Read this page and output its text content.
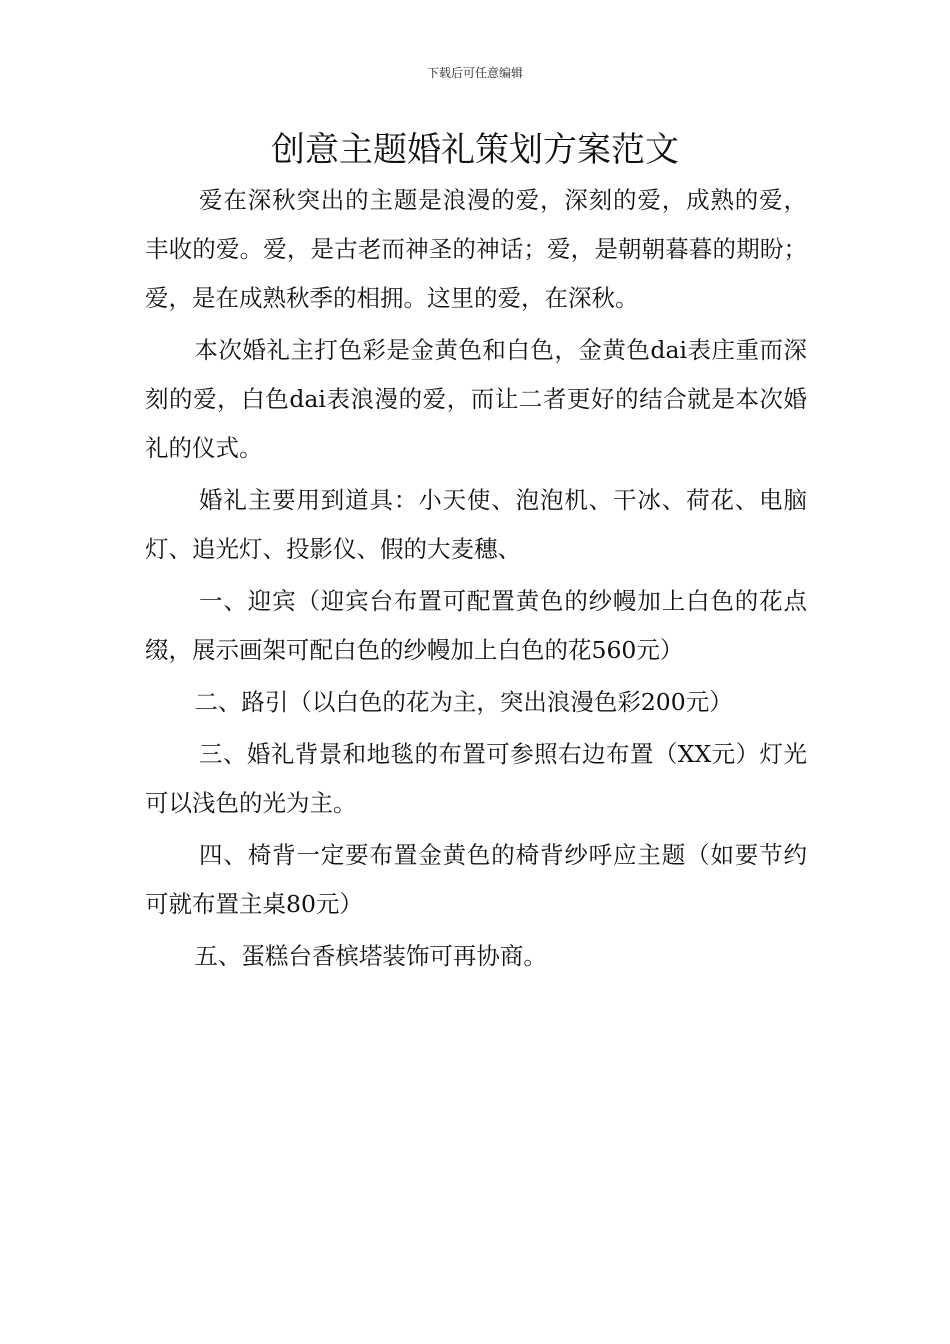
下载后可任意编辑
创意主题婚礼策划方案范文

爱在深秋突出的主题是浪漫的爱，深刻的爱，成熟的爱，丰收的爱。爱，是古老而神圣的神话；爱，是朝朝暮暮的期盼；爱，是在成熟秋季的相拥。这里的爱，在深秋。

本次婚礼主打色彩是金黄色和白色，金黄色dai表庄重而深刻的爱，白色dai表浪漫的爱，而让二者更好的结合就是本次婚礼的仪式。

婚礼主要用到道具：小天使、泡泡机、干冰、荷花、电脑灯、追光灯、投影仪、假的大麦穗、

一、迎宾（迎宾台布置可配置黄色的纱幔加上白色的花点缀，展示画架可配白色的纱幔加上白色的花560元）

二、路引（以白色的花为主，突出浪漫色彩200元）

三、婚礼背景和地毯的布置可参照右边布置（XX元）灯光可以浅色的光为主。

四、椅背一定要布置金黄色的椅背纱呼应主题（如要节约可就布置主桌80元）

五、蛋糕台香槟塔装饰可再协商。
